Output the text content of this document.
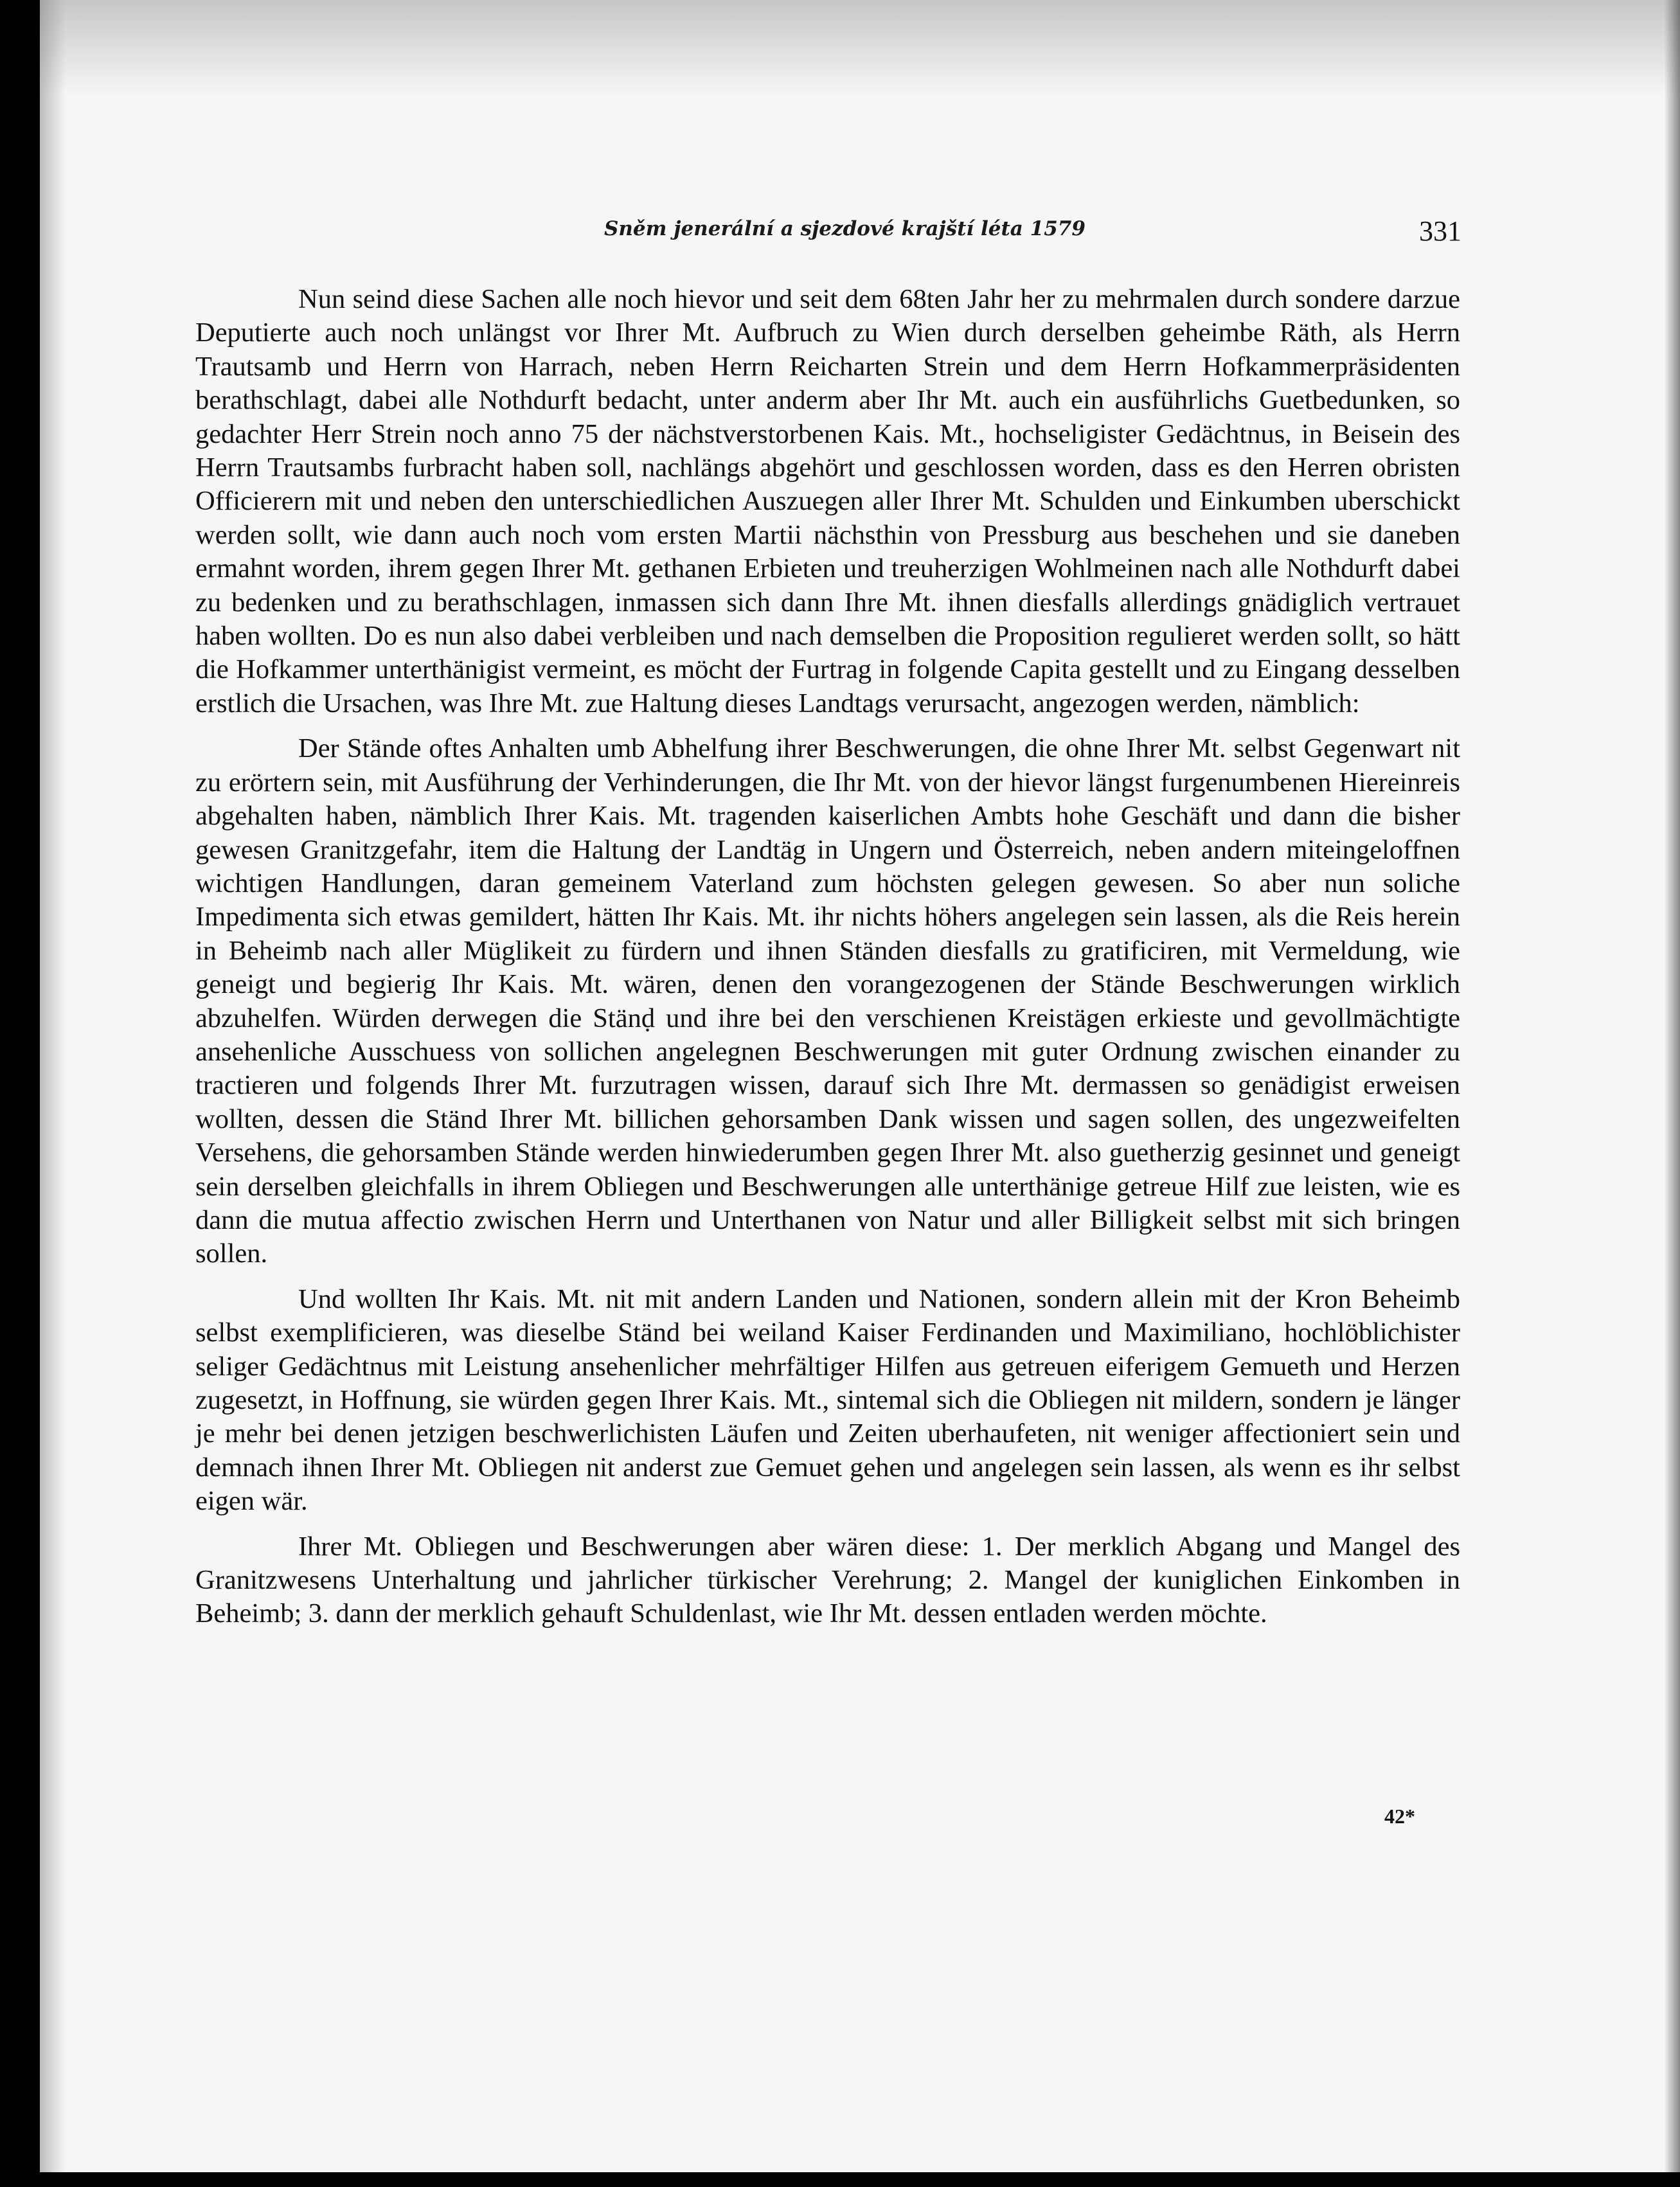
Sněm jenerální a sjezdové krajští léta 1579	331

Nun seind diese Sachen alle noch hievor und seit dem 68ten Jahr her zu mehrmalen durch sondere darzue Deputierte auch noch unlängst vor Ihrer Mt. Aufbruch zu Wien durch derselben geheimbe Räth, als Herrn Trautsamb und Herrn von Harrach, neben Herrn Reicharten Strein und dem Herrn Hofkammerpräsidenten berathschlagt, dabei alle Nothdurft bedacht, unter anderm aber Ihr Mt. auch ein ausführlichs Guetbedunken, so gedachter Herr Strein noch anno 75 der nächstverstorbenen Kais. Mt., hochseligister Gedächtnus, in Beisein des Herrn Trautsambs furbracht haben soll, nachlängs abgehört und geschlossen worden, dass es den Herren obristen Officierern mit und neben den unterschiedlichen Auszuegen aller Ihrer Mt. Schulden und Einkumben uberschickt werden sollt, wie dann auch noch vom ersten Martii nächsthin von Pressburg aus beschehen und sie daneben ermahnt worden, ihrem gegen Ihrer Mt. gethanen Erbieten und treuherzigen Wohlmeinen nach alle Nothdurft dabei zu bedenken und zu berathschlagen, inmassen sich dann Ihre Mt. ihnen diesfalls allerdings gnädiglich vertrauet haben wollten. Do es nun also dabei verbleiben und nach demselben die Proposition regulieret werden sollt, so hätt die Hofkammer unterthänigist vermeint, es möcht der Furtrag in folgende Capita gestellt und zu Eingang desselben erstlich die Ursachen, was Ihre Mt. zue Haltung dieses Landtags verursacht, angezogen werden, nämblich:

Der Stände oftes Anhalten umb Abhelfung ihrer Beschwerungen, die ohne Ihrer Mt. selbst Gegenwart nit zu erörtern sein, mit Ausführung der Verhinderungen, die Ihr Mt. von der hievor längst furgenumbenen Hiereinreis abgehalten haben, nämblich Ihrer Kais. Mt. tragenden kaiserlichen Ambts hohe Geschäft und dann die bisher gewesen Granitzgefahr, item die Haltung der Landtäg in Ungern und Österreich, neben andern miteingeloffnen wichtigen Handlungen, daran gemeinem Vaterland zum höchsten gelegen gewesen. So aber nun soliche Impedimenta sich etwas gemildert, hätten Ihr Kais. Mt. ihr nichts höhers angelegen sein lassen, als die Reis herein in Beheimb nach aller Müglikeit zu fürdern und ihnen Ständen diesfalls zu gratificiren, mit Vermeldung, wie geneigt und begierig Ihr Kais. Mt. wären, denen den vorangezogenen der Stände Beschwerungen wirklich abzuhelfen. Würden derwegen die Stänḍ und ihre bei den verschienen Kreistägen erkieste und gevollmächtigte ansehenliche Ausschuess von sollichen angelegnen Beschwerungen mit guter Ordnung zwischen einander zu tractieren und folgends Ihrer Mt. furzutragen wissen, darauf sich Ihre Mt. dermassen so genädigist erweisen wollten, dessen die Ständ Ihrer Mt. billichen gehorsamben Dank wissen und sagen sollen, des ungezweifelten Versehens, die gehorsamben Stände werden hinwiederumben gegen Ihrer Mt. also guetherzig gesinnet und geneigt sein derselben gleichfalls in ihrem Obliegen und Beschwerungen alle unterthänige getreue Hilf zue leisten, wie es dann die mutua affectio zwischen Herrn und Unterthanen von Natur und aller Billigkeit selbst mit sich bringen sollen.

Und wollten Ihr Kais. Mt. nit mit andern Landen und Nationen, sondern allein mit der Kron Beheimb selbst exemplificieren, was dieselbe Ständ bei weiland Kaiser Ferdinanden und Maximiliano, hochlöblichister seliger Gedächtnus mit Leistung ansehenlicher mehrfältiger Hilfen aus getreuen eiferigem Gemueth und Herzen zugesetzt, in Hoffnung, sie würden gegen Ihrer Kais. Mt., sintemal sich die Obliegen nit mildern, sondern je länger je mehr bei denen jetzigen beschwerlichisten Läufen und Zeiten uberhaufeten, nit weniger affectioniert sein und demnach ihnen Ihrer Mt. Obliegen nit anderst zue Gemuet gehen und angelegen sein lassen, als wenn es ihr selbst eigen wär.

Ihrer Mt. Obliegen und Beschwerungen aber wären diese: 1. Der merklich Abgang und Mangel des Granitzwesens Unterhaltung und jahrlicher türkischer Verehrung; 2. Mangel der kuniglichen Einkomben in Beheimb; 3. dann der merklich gehauft Schuldenlast, wie Ihr Mt. dessen entladen werden möchte.

42*
